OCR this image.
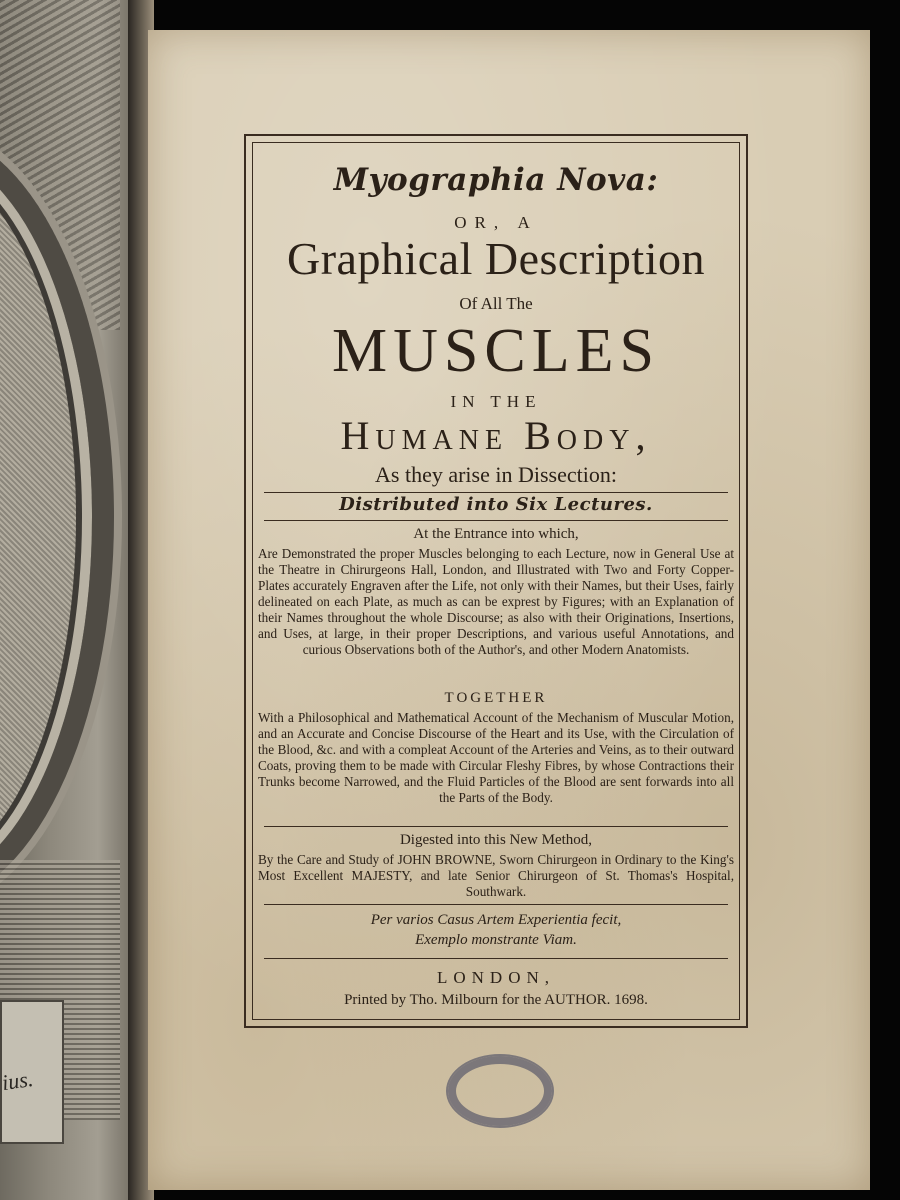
ius.
Myographia Nova:
OR, A
Graphical Description
Of All The
MUSCLES
IN THE
Humane Body,
As they arise in Dissection:
Distributed into Six Lectures.
At the Entrance into which,
Are Demonstrated the proper Muscles belonging to each Lecture, now in General Use at the Theatre in Chirurgeons Hall, London, and Illustrated with Two and Forty Copper-Plates accurately Engraven after the Life, not only with their Names, but their Uses, fairly delineated on each Plate, as much as can be exprest by Figures; with an Explanation of their Names throughout the whole Discourse; as also with their Originations, Insertions, and Uses, at large, in their proper Descriptions, and various useful Annotations, and curious Observations both of the Author's, and other Modern Anatomists.
TOGETHER
With a Philosophical and Mathematical Account of the Mechanism of Muscular Motion, and an Accurate and Concise Discourse of the Heart and its Use, with the Circulation of the Blood, &c. and with a compleat Account of the Arteries and Veins, as to their outward Coats, proving them to be made with Circular Fleshy Fibres, by whose Contractions their Trunks become Narrowed, and the Fluid Particles of the Blood are sent forwards into all the Parts of the Body.
Digested into this New Method,
By the Care and Study of JOHN BROWNE, Sworn Chirurgeon in Ordinary to the King's Most Excellent MAJESTY, and late Senior Chirurgeon of St. Thomas's Hospital, Southwark.
Per varios Casus Artem Experientia fecit,
Exemplo monstrante Viam.
LONDON,
Printed by Tho. Milbourn for the AUTHOR. 1698.
